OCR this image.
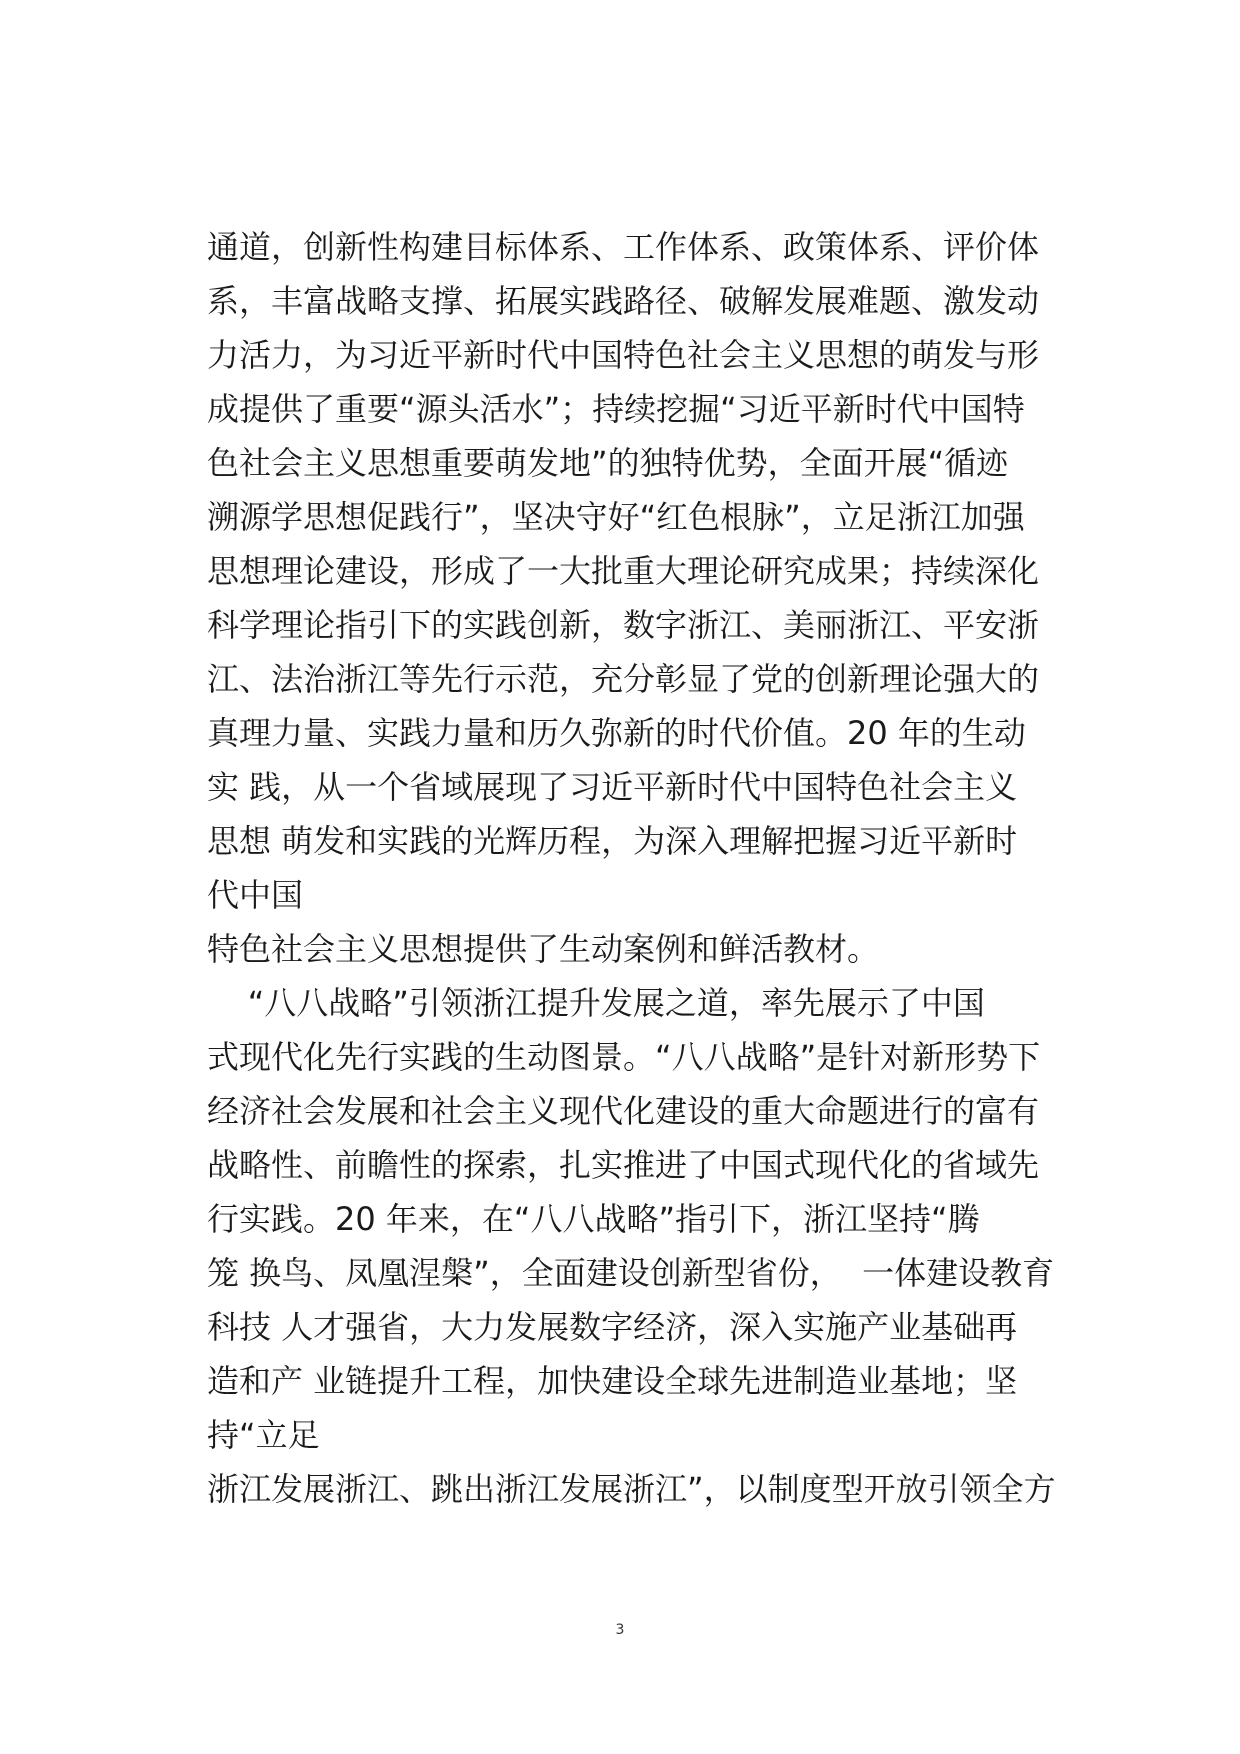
通道，创新性构建目标体系、工作体系、政策体系、评价体
系，丰富战略支撑、拓展实践路径、破解发展难题、激发动
力活力，为习近平新时代中国特色社会主义思想的萌发与形
成提供了重要“源头活水”；持续挖掘“习近平新时代中国特
色社会主义思想重要萌发地”的独特优势，全面开展“循迹
溯源学思想促践行”，坚决守好“红色根脉”，立足浙江加强
思想理论建设，形成了一大批重大理论研究成果；持续深化
科学理论指引下的实践创新，数字浙江、美丽浙江、平安浙
江、法治浙江等先行示范，充分彰显了党的创新理论强大的
真理力量、实践力量和历久弥新的时代价值。20 年的生动
实 践，从一个省域展现了习近平新时代中国特色社会主义
思想 萌发和实践的光辉历程，为深入理解把握习近平新时
代中国
特色社会主义思想提供了生动案例和鲜活教材。
“八八战略”引领浙江提升发展之道，率先展示了中国
式现代化先行实践的生动图景。“八八战略”是针对新形势下
经济社会发展和社会主义现代化建设的重大命题进行的富有
战略性、前瞻性的探索，扎实推进了中国式现代化的省域先
行实践。20 年来，在“八八战略”指引下，浙江坚持“腾
笼 换鸟、凤凰涅槃”，全面建设创新型省份，  一体建设教育
科技 人才强省，大力发展数字经济，深入实施产业基础再
造和产 业链提升工程，加快建设全球先进制造业基地；坚
持“立足
浙江发展浙江、跳出浙江发展浙江”，以制度型开放引领全方
3
